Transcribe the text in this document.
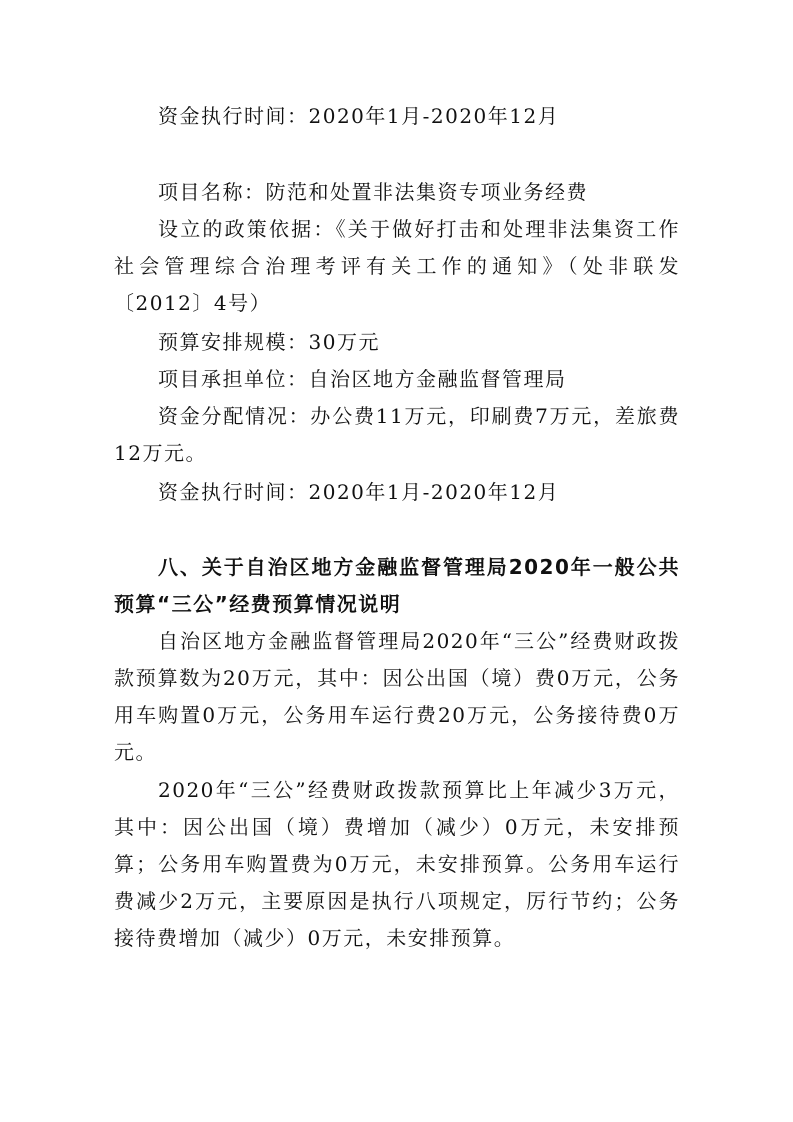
资金执行时间：2020年1月-2020年12月

项目名称：防范和处置非法集资专项业务经费

设立的政策依据：《关于做好打击和处理非法集资工作社会管理综合治理考评有关工作的通知》（处非联发〔2012〕4号）

预算安排规模：30万元

项目承担单位：自治区地方金融监督管理局

资金分配情况：办公费11万元，印刷费7万元，差旅费12万元。

资金执行时间：2020年1月-2020年12月

八、关于自治区地方金融监督管理局2020年一般公共预算“三公”经费预算情况说明

自治区地方金融监督管理局2020年“三公”经费财政拨款预算数为20万元，其中：因公出国（境）费0万元，公务用车购置0万元，公务用车运行费20万元，公务接待费0万元。

2020年“三公”经费财政拨款预算比上年减少3万元，其中：因公出国（境）费增加（减少）0万元，未安排预算；公务用车购置费为0万元，未安排预算。公务用车运行费减少2万元，主要原因是执行八项规定，厉行节约；公务接待费增加（减少）0万元，未安排预算。
